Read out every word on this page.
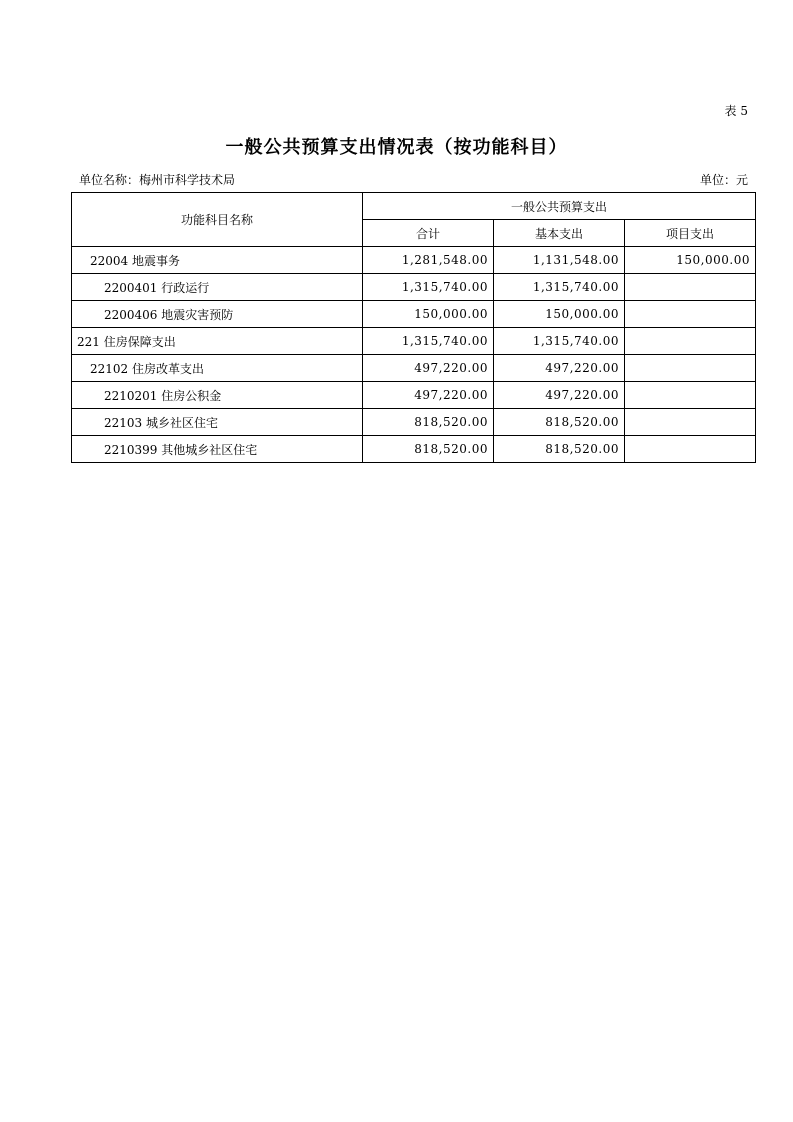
表 5
一般公共预算支出情况表（按功能科目）
单位名称：梅州市科学技术局	单位：元
功能科目名称	一般公共预算支出		
	合计	基本支出	项目支出
22004 地震事务	1,281,548.00	1,131,548.00	150,000.00
2200401 行政运行	1,315,740.00	1,315,740.00	
2200406 地震灾害预防	150,000.00	150,000.00	
221 住房保障支出	1,315,740.00	1,315,740.00	
22102 住房改革支出	497,220.00	497,220.00	
2210201 住房公积金	497,220.00	497,220.00	
22103 城乡社区住宅	818,520.00	818,520.00	
2210399 其他城乡社区住宅	818,520.00	818,520.00	
